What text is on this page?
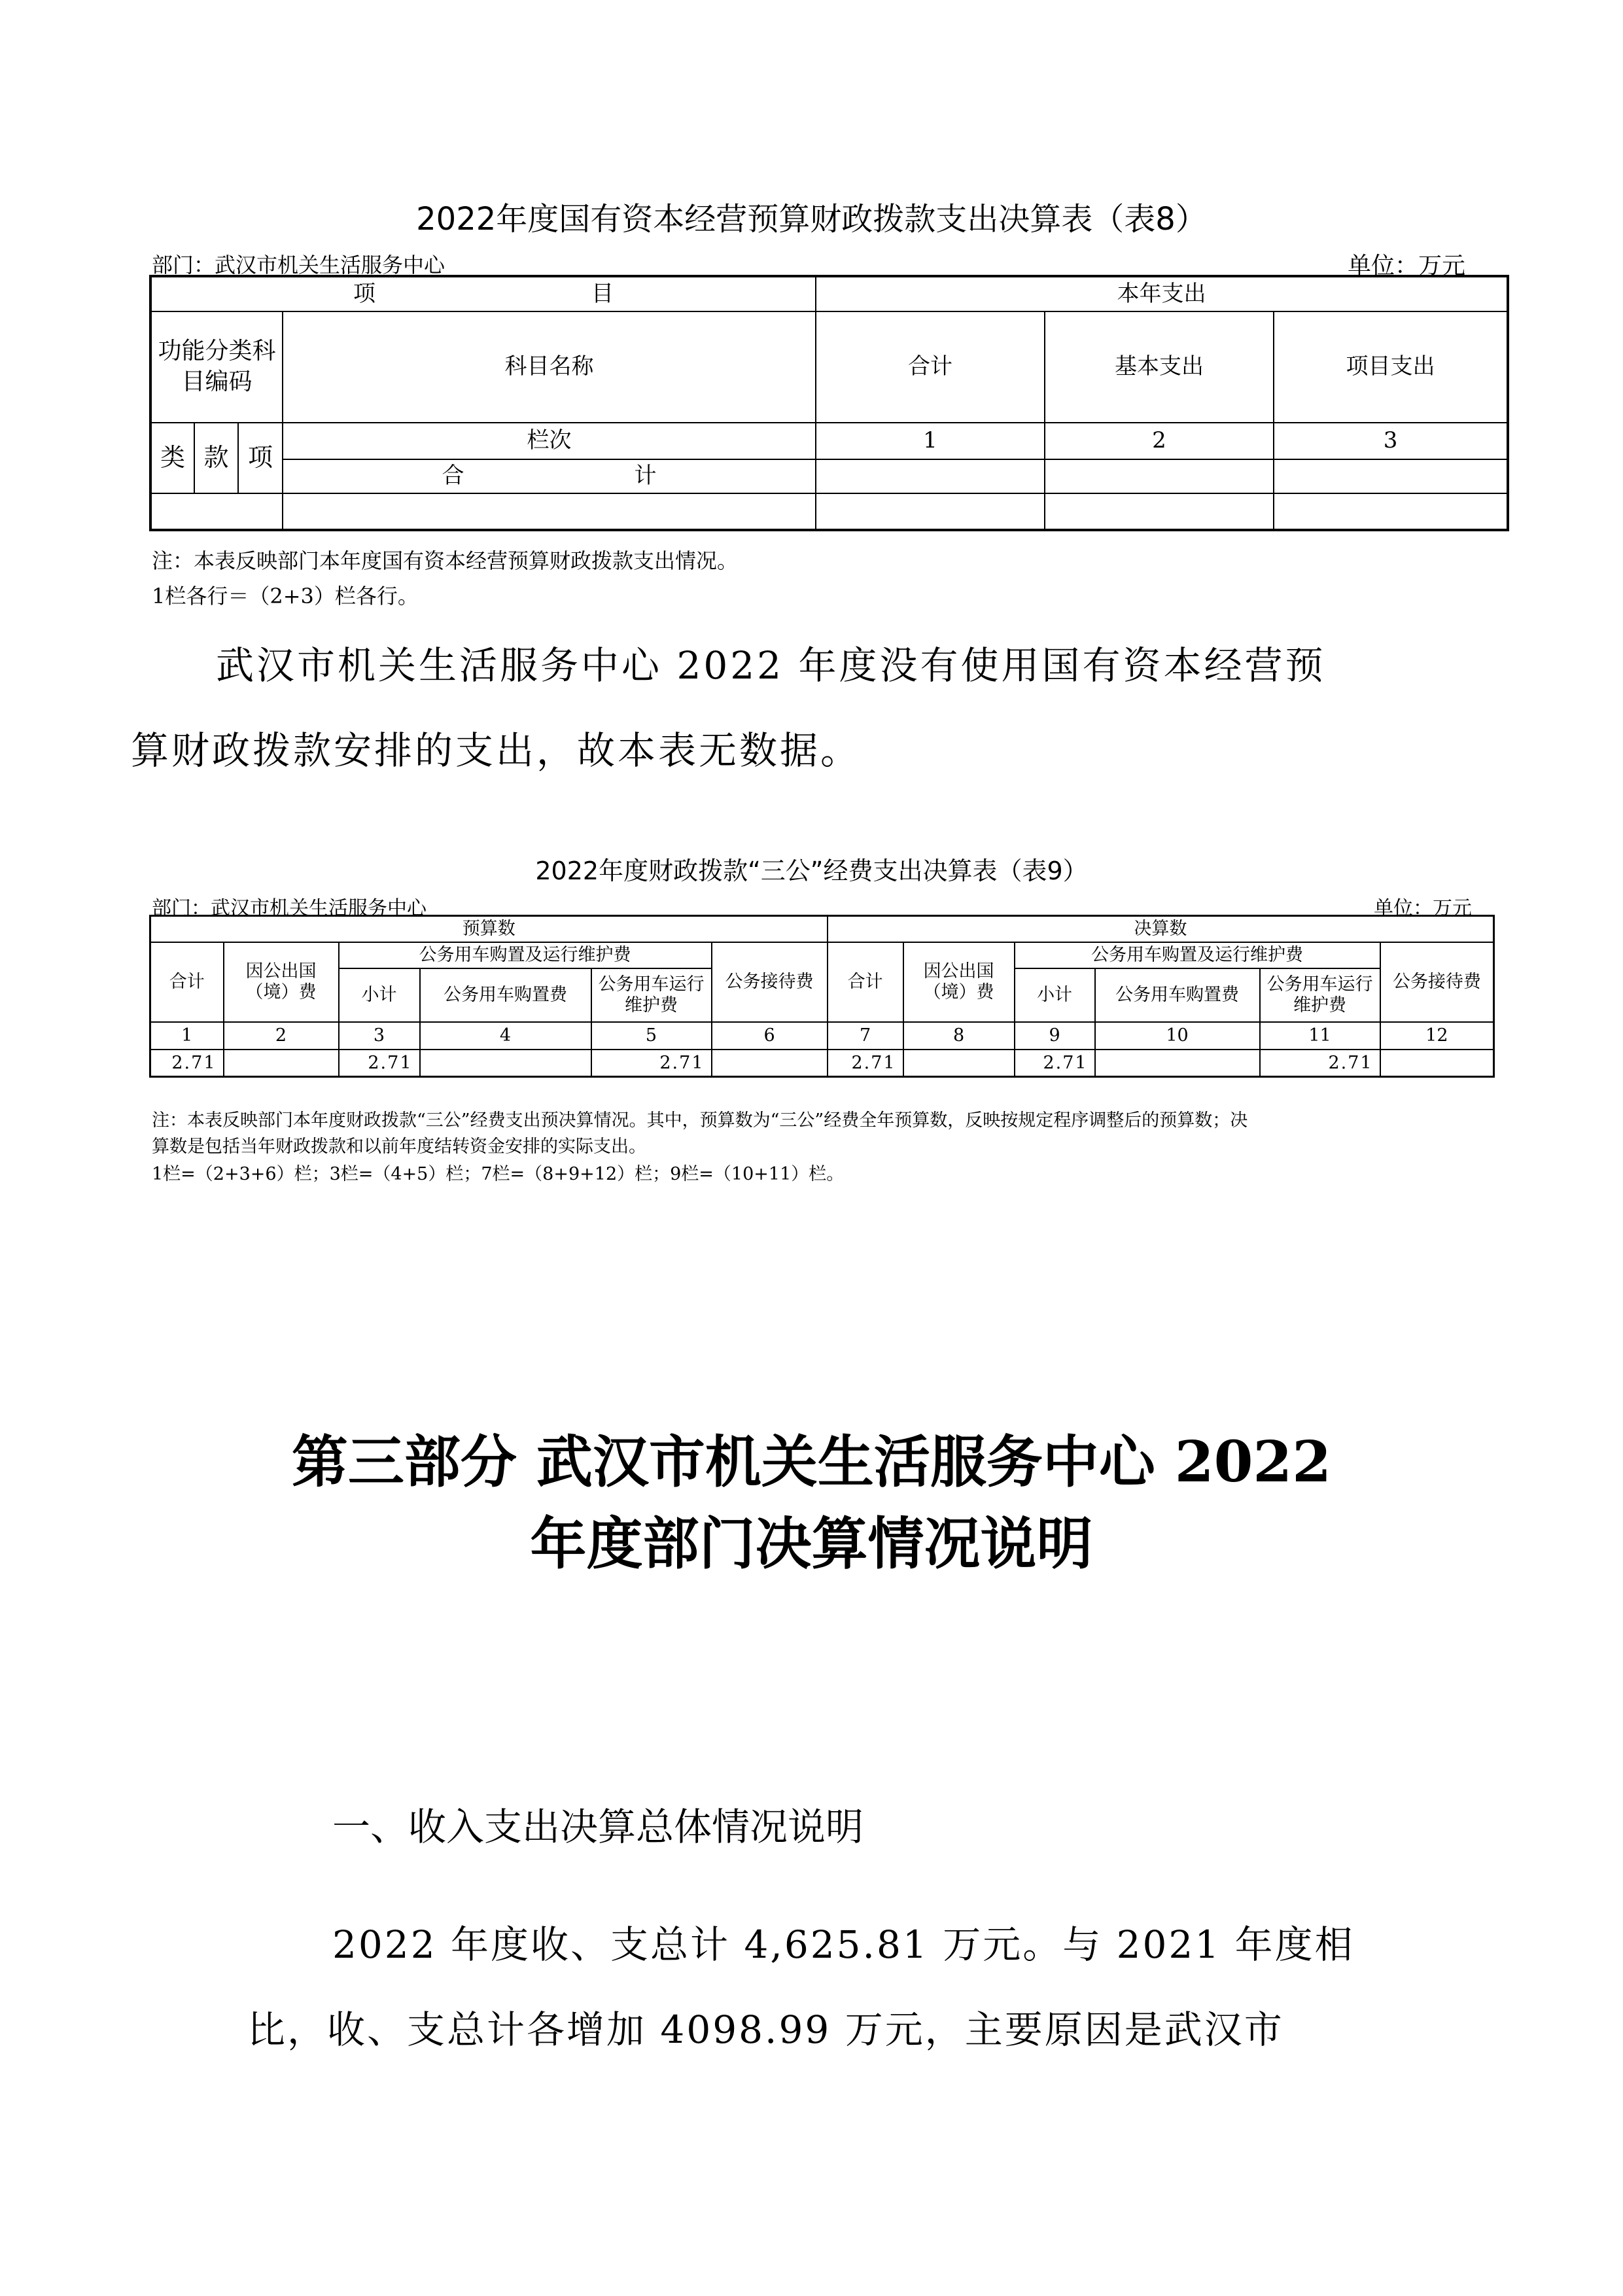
2022年度国有资本经营预算财政拨款支出决算表（表8）
部门：武汉市机关生活服务中心	单位：万元
项 目				本年支出		

功能分类科目编码			科目名称	合计	基本支出	项目支出
类	款	项	栏次	1	2	3
			合 计			

注：本表反映部门本年度国有资本经营预算财政拨款支出情况。
1栏各行＝（2+3）栏各行。
武汉市机关生活服务中心 2022 年度没有使用国有资本经营预
算财政拨款安排的支出，故本表无数据。
2022年度财政拨款“三公”经费支出决算表（表9）
部门：武汉市机关生活服务中心	单位：万元
预算数						决算数					
合计	因公出国（境）费	公务用车购置及运行维护费			公务接待费	合计	因公出国（境）费	公务用车购置及运行维护费			公务接待费
		小计	公务用车购置费	公务用车运行维护费				小计	公务用车购置费	公务用车运行维护费	

1	2	3	4	5	6	7	8	9	10	11	12
2.71		2.71		2.71		2.71		2.71		2.71	
注：本表反映部门本年度财政拨款“三公”经费支出预决算情况。其中，预算数为“三公”经费全年预算数，反映按规定程序调整后的预算数；决
算数是包括当年财政拨款和以前年度结转资金安排的实际支出。
1栏=（2+3+6）栏；3栏=（4+5）栏；7栏=（8+9+12）栏；9栏=（10+11）栏。
第三部分 武汉市机关生活服务中心 2022
年度部门决算情况说明
一、收入支出决算总体情况说明
2022 年度收、支总计 4,625.81 万元。与 2021 年度相
比，收、支总计各增加 4098.99 万元，主要原因是武汉市
